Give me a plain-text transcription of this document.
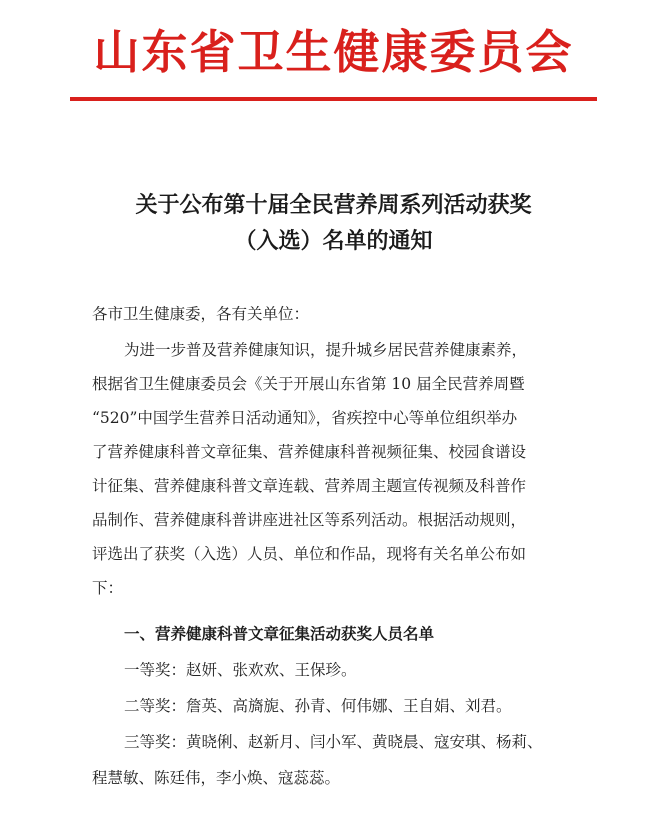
山东省卫生健康委员会
关于公布第十届全民营养周系列活动获奖
（入选）名单的通知
各市卫生健康委，各有关单位：
为进一步普及营养健康知识，提升城乡居民营养健康素养，
根据省卫生健康委员会《关于开展山东省第 10 届全民营养周暨
“520”中国学生营养日活动通知》，省疾控中心等单位组织举办
了营养健康科普文章征集、营养健康科普视频征集、校园食谱设
计征集、营养健康科普文章连载、营养周主题宣传视频及科普作
品制作、营养健康科普讲座进社区等系列活动。根据活动规则，
评选出了获奖（入选）人员、单位和作品，现将有关名单公布如
下：
一、营养健康科普文章征集活动获奖人员名单
一等奖：赵妍、张欢欢、王保珍。
二等奖：詹英、高旖旎、孙青、何伟娜、王自娟、刘君。
三等奖：黄晓俐、赵新月、闫小军、黄晓晨、寇安琪、杨莉、
程慧敏、陈廷伟，李小焕、寇蕊蕊。
